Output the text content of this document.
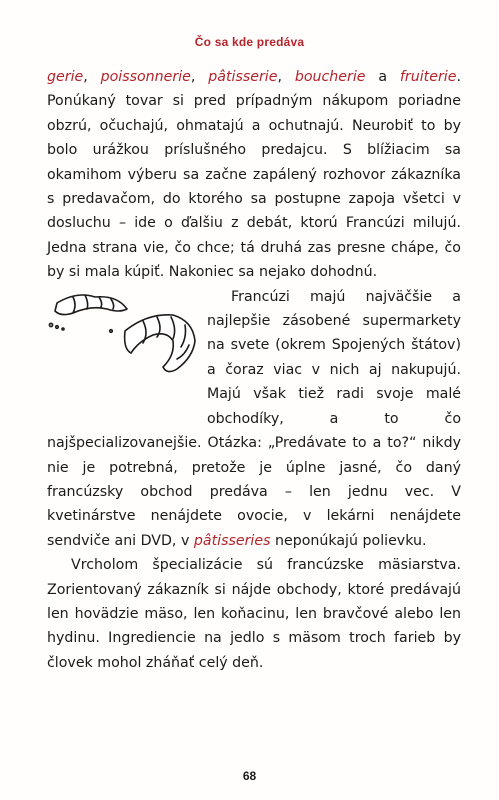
Čo sa kde predáva

gerie, poissonnerie, pâtisserie, boucherie a fruiterie. Ponúkaný tovar si pred prípadným nákupom poriadne obzrú, očuchajú, ohmatajú a ochutnajú. Neurobiť to by bolo urážkou príslušného predajcu. S blížiacim sa okamihom výberu sa začne zapálený rozhovor zákazníka s predavačom, do ktorého sa postupne zapoja všetci v dosluchu – ide o ďalšiu z debát, ktorú Francúzi milujú. Jedna strana vie, čo chce; tá druhá zas presne chápe, čo by si mala kúpiť. Nakoniec sa nejako dohodnú.

Francúzi majú najväčšie a najlepšie zásobené supermarkety na svete (okrem Spojených štátov) a čoraz viac v nich aj nakupujú. Majú však tiež radi svoje malé obchodíky, a to čo najšpecializovanejšie. Otázka: „Predávate to a to?“ nikdy nie je potrebná, pretože je úplne jasné, čo daný francúzsky obchod predáva – len jednu vec. V kvetinárstve nenájdete ovocie, v lekárni nenájdete sendviče ani DVD, v pâtisseries neponúkajú polievku.

Vrcholom špecializácie sú francúzske mäsiarstva. Zorientovaný zákazník si nájde obchody, ktoré predávajú len hovädzie mäso, len koňacinu, len bravčové alebo len hydinu. Ingrediencie na jedlo s mäsom troch farieb by človek mohol zháňať celý deň.

68
